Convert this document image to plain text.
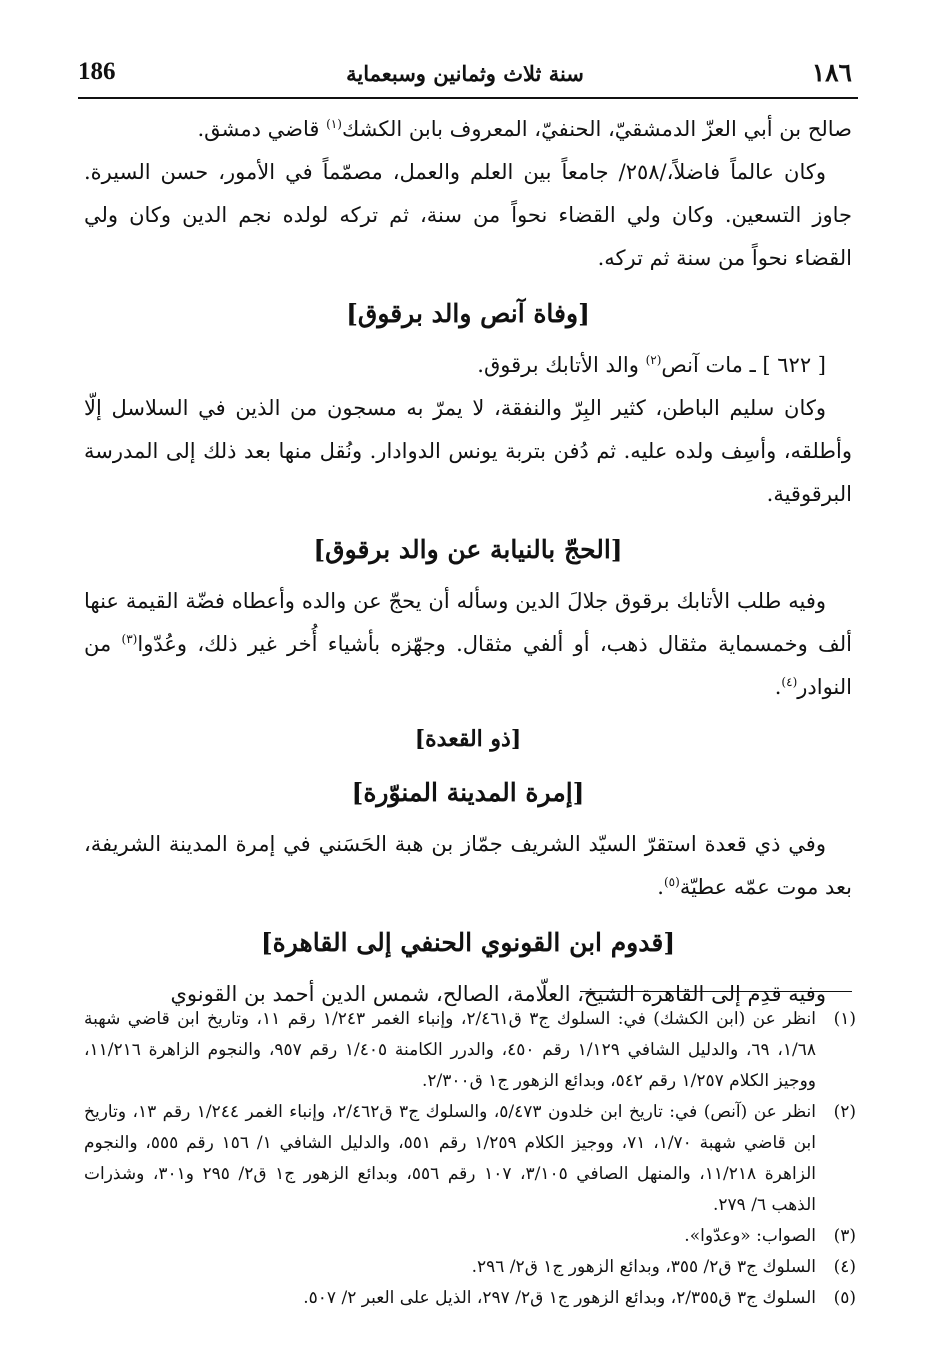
186	سنة ثلاث وثمانين وسبعماية	١٨٦

صالح بن أبي العزّ الدمشقيّ، الحنفيّ، المعروف بابن الكشك$^{(١)}$ قاضي دمشق.

وكان عالماً فاضلاً،/٢٥٨/ جامعاً بين العلم والعمل، مصمّماً في الأمور، حسن السيرة. جاوز التسعين. وكان ولي القضاء نحواً من سنة، ثم تركه لولده نجم الدين وكان ولي القضاء نحواً من سنة ثم تركه.

[وفاة آنص والد برقوق]

[ ٦٢٢ ] ـ مات آنص$^{(٢)}$ والد الأتابك برقوق.

وكان سليم الباطن، كثير البِرّ والنفقة، لا يمرّ به مسجون من الذين في السلاسل إلّا وأطلقه، وأسِف ولده عليه. ثم دُفن بتربة يونس الدوادار. ونُقل منها بعد ذلك إلى المدرسة البرقوقية.

[الحجّ بالنيابة عن والد برقوق]

وفيه طلب الأتابك برقوق جلالَ الدين وسأله أن يحجّ عن والده وأعطاه فضّة القيمة عنها ألف وخمسماية مثقال ذهب، أو ألفي مثقال. وجهّزه بأشياء أُخر غير ذلك، وعُدّوا$^{(٣)}$ من النوادر$^{(٤)}$.

[ذو القعدة]
[إمرة المدينة المنوّرة]

وفي ذي قعدة استقرّ السيّد الشريف جمّاز بن هبة الحَسَني في إمرة المدينة الشريفة، بعد موت عمّه عطيّة$^{(٥)}$.

[قدوم ابن القونوي الحنفي إلى القاهرة]

وفيه قدِم إلى القاهرة الشيخ، العلّامة، الصالح، شمس الدين أحمد بن القونوي

(١)
انظر عن (ابن الكشك) في: السلوك ج٣ ق٢/٤٦١، وإنباء الغمر ١/٢٤٣ رقم ١١، وتاريخ ابن قاضي شهبة ١/٦٨، ٦٩، والدليل الشافي ١/١٢٩ رقم ٤٥٠، والدرر الكامنة ١/٤٠٥ رقم ٩٥٧، والنجوم الزاهرة ١١/٢١٦، ووجيز الكلام ١/٢٥٧ رقم ٥٤٢، وبدائع الزهور ج١ ق٢/٣٠٠.
(٢)
انظر عن (آنص) في: تاريخ ابن خلدون ٥/٤٧٣، والسلوك ج٣ ق٢/٤٦٢، وإنباء الغمر ١/٢٤٤ رقم ١٣، وتاريخ ابن قاضي شهبة ١/٧٠، ٧١، ووجيز الكلام ١/٢٥٩ رقم ٥٥١، والدليل الشافي ١/ ١٥٦ رقم ٥٥٥، والنجوم الزاهرة ١١/٢١٨، والمنهل الصافي ٣/١٠٥، ١٠٧ رقم ٥٥٦، وبدائع الزهور ج١ ق٢/ ٢٩٥ و٣٠١، وشذرات الذهب ٦/ ٢٧٩.
(٣)
الصواب: «وعدّوا».
(٤)
السلوك ج٣ ق٢/ ٣٥٥، وبدائع الزهور ج١ ق٢/ ٢٩٦.
(٥)
السلوك ج٣ ق٢/٣٥٥، وبدائع الزهور ج١ ق٢/ ٢٩٧، الذيل على العبر ٢/ ٥٠٧.
